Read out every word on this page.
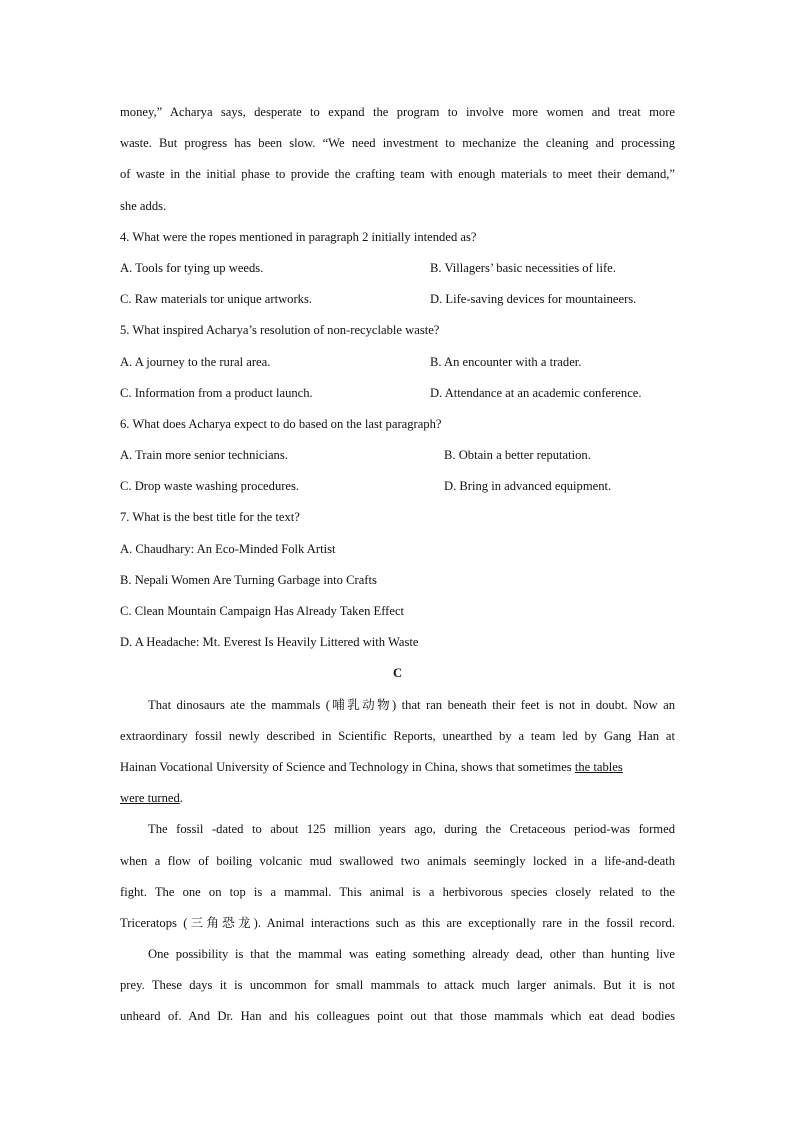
money,” Acharya says, desperate to expand the program to involve more women and treat more
waste. But progress has been slow. “We need investment to mechanize the cleaning and processing
of waste in the initial phase to provide the crafting team with enough materials to meet their demand,”
she adds.
4. What were the ropes mentioned in paragraph 2 initially intended as?
A. Tools for tying up weeds.	B. Villagers’ basic necessities of life.
C. Raw materials tor unique artworks.	D. Life-saving devices for mountaineers.
5. What inspired Acharya’s resolution of non-recyclable waste?
A. A journey to the rural area.	B. An encounter with a trader.
C. Information from a product launch.	D. Attendance at an academic conference.
6. What does Acharya expect to do based on the last paragraph?
A. Train more senior technicians.	B. Obtain a better reputation.
C. Drop waste washing procedures.	D. Bring in advanced equipment.
7. What is the best title for the text?
A. Chaudhary: An Eco-Minded Folk Artist
B. Nepali Women Are Turning Garbage into Crafts
C. Clean Mountain Campaign Has Already Taken Effect
D. A Headache: Mt. Everest Is Heavily Littered with Waste
C
That dinosaurs ate the mammals (哺乳动物) that ran beneath their feet is not in doubt. Now an
extraordinary fossil newly described in Scientific Reports, unearthed by a team led by Gang Han at
Hainan Vocational University of Science and Technology in China, shows that sometimes the tables
were turned.
The fossil -dated to about 125 million years ago, during the Cretaceous period-was formed
when a flow of boiling volcanic mud swallowed two animals seemingly locked in a life-and-death
fight. The one on top is a mammal. This animal is a herbivorous species closely related to the
Triceratops (三角恐龙). Animal interactions such as this are exceptionally rare in the fossil record.
One possibility is that the mammal was eating something already dead, other than hunting live
prey. These days it is uncommon for small mammals to attack much larger animals. But it is not
unheard of. And Dr. Han and his colleagues point out that those mammals which eat dead bodies
